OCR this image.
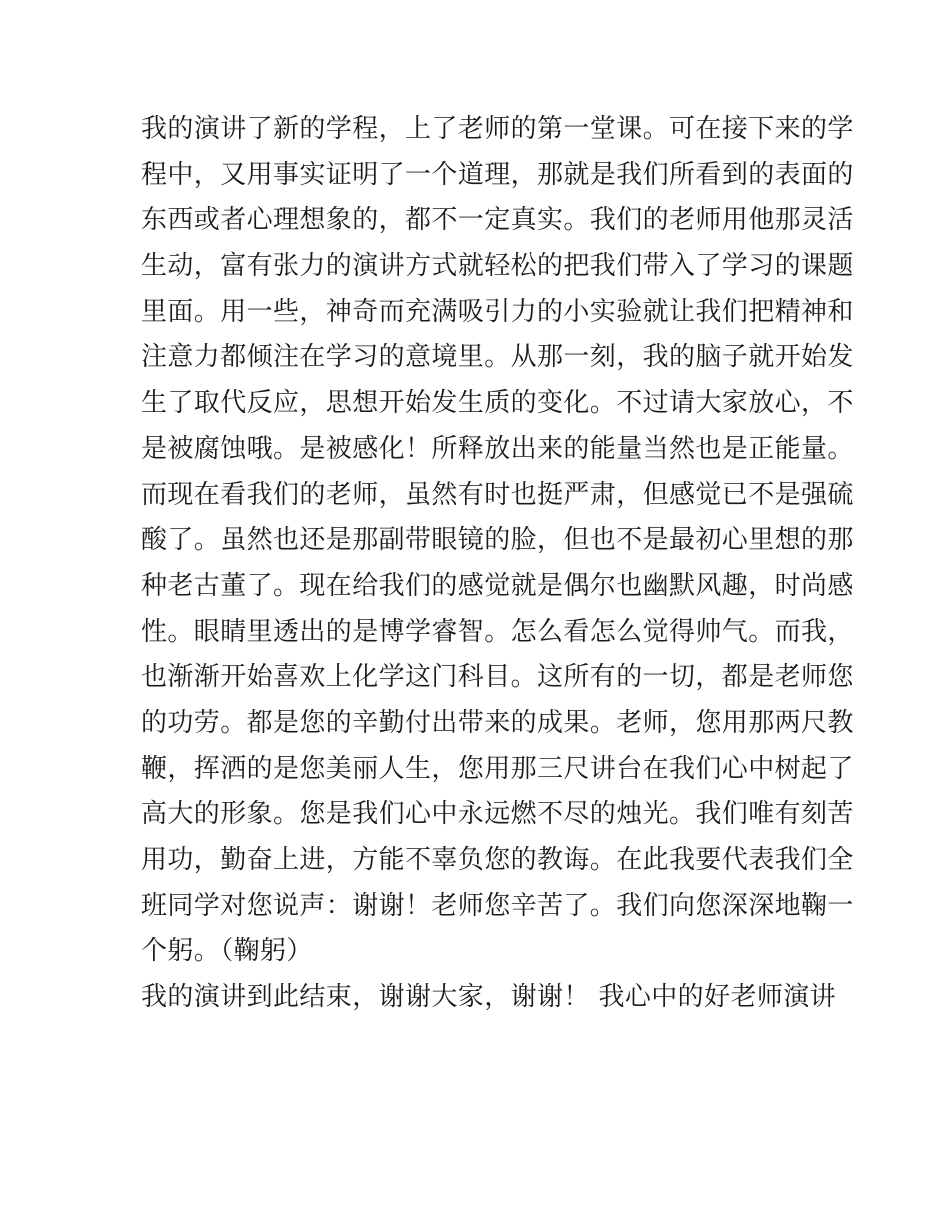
我的演讲了新的学程，上了老师的第一堂课。可在接下来的学
程中，又用事实证明了一个道理，那就是我们所看到的表面的
东西或者心理想象的，都不一定真实。我们的老师用他那灵活
生动，富有张力的演讲方式就轻松的把我们带入了学习的课题
里面。用一些，神奇而充满吸引力的小实验就让我们把精神和
注意力都倾注在学习的意境里。从那一刻，我的脑子就开始发
生了取代反应，思想开始发生质的变化。不过请大家放心，不
是被腐蚀哦。是被感化！所释放出来的能量当然也是正能量。
而现在看我们的老师，虽然有时也挺严肃，但感觉已不是强硫
酸了。虽然也还是那副带眼镜的脸，但也不是最初心里想的那
种老古董了。现在给我们的感觉就是偶尔也幽默风趣，时尚感
性。眼睛里透出的是博学睿智。怎么看怎么觉得帅气。而我，
也渐渐开始喜欢上化学这门科目。这所有的一切，都是老师您
的功劳。都是您的辛勤付出带来的成果。老师，您用那两尺教
鞭，挥洒的是您美丽人生，您用那三尺讲台在我们心中树起了
高大的形象。您是我们心中永远燃不尽的烛光。我们唯有刻苦
用功，勤奋上进，方能不辜负您的教诲。在此我要代表我们全
班同学对您说声：谢谢！老师您辛苦了。我们向您深深地鞠一
个躬。（鞠躬）
我的演讲到此结束，谢谢大家，谢谢！ 我心中的好老师演讲
